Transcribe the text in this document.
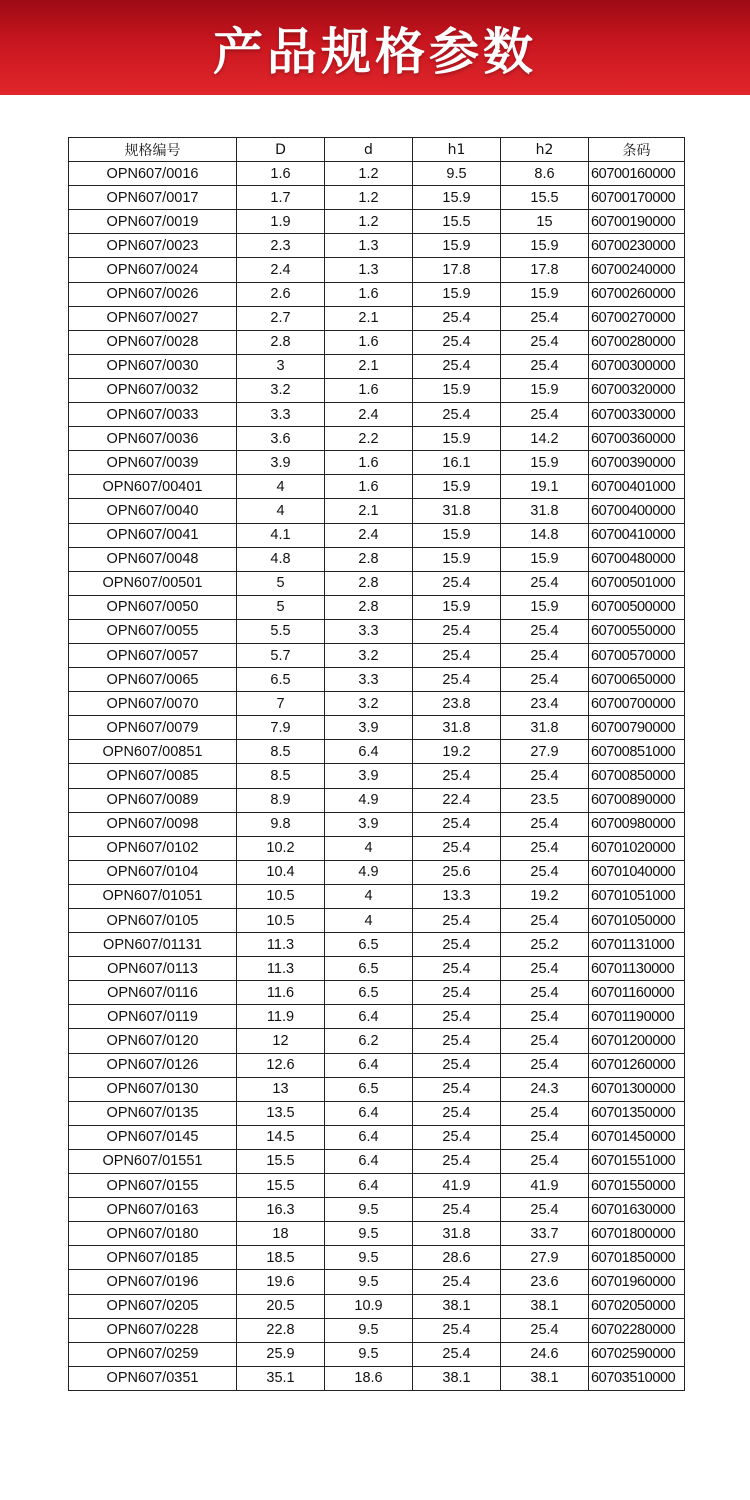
产品规格参数
规格编号	D	d	h1	h2	条码
OPN607/0016	1.6	1.2	9.5	8.6	60700160000
OPN607/0017	1.7	1.2	15.9	15.5	60700170000
OPN607/0019	1.9	1.2	15.5	15	60700190000
OPN607/0023	2.3	1.3	15.9	15.9	60700230000
OPN607/0024	2.4	1.3	17.8	17.8	60700240000
OPN607/0026	2.6	1.6	15.9	15.9	60700260000
OPN607/0027	2.7	2.1	25.4	25.4	60700270000
OPN607/0028	2.8	1.6	25.4	25.4	60700280000
OPN607/0030	3	2.1	25.4	25.4	60700300000
OPN607/0032	3.2	1.6	15.9	15.9	60700320000
OPN607/0033	3.3	2.4	25.4	25.4	60700330000
OPN607/0036	3.6	2.2	15.9	14.2	60700360000
OPN607/0039	3.9	1.6	16.1	15.9	60700390000
OPN607/00401	4	1.6	15.9	19.1	60700401000
OPN607/0040	4	2.1	31.8	31.8	60700400000
OPN607/0041	4.1	2.4	15.9	14.8	60700410000
OPN607/0048	4.8	2.8	15.9	15.9	60700480000
OPN607/00501	5	2.8	25.4	25.4	60700501000
OPN607/0050	5	2.8	15.9	15.9	60700500000
OPN607/0055	5.5	3.3	25.4	25.4	60700550000
OPN607/0057	5.7	3.2	25.4	25.4	60700570000
OPN607/0065	6.5	3.3	25.4	25.4	60700650000
OPN607/0070	7	3.2	23.8	23.4	60700700000
OPN607/0079	7.9	3.9	31.8	31.8	60700790000
OPN607/00851	8.5	6.4	19.2	27.9	60700851000
OPN607/0085	8.5	3.9	25.4	25.4	60700850000
OPN607/0089	8.9	4.9	22.4	23.5	60700890000
OPN607/0098	9.8	3.9	25.4	25.4	60700980000
OPN607/0102	10.2	4	25.4	25.4	60701020000
OPN607/0104	10.4	4.9	25.6	25.4	60701040000
OPN607/01051	10.5	4	13.3	19.2	60701051000
OPN607/0105	10.5	4	25.4	25.4	60701050000
OPN607/01131	11.3	6.5	25.4	25.2	60701131000
OPN607/0113	11.3	6.5	25.4	25.4	60701130000
OPN607/0116	11.6	6.5	25.4	25.4	60701160000
OPN607/0119	11.9	6.4	25.4	25.4	60701190000
OPN607/0120	12	6.2	25.4	25.4	60701200000
OPN607/0126	12.6	6.4	25.4	25.4	60701260000
OPN607/0130	13	6.5	25.4	24.3	60701300000
OPN607/0135	13.5	6.4	25.4	25.4	60701350000
OPN607/0145	14.5	6.4	25.4	25.4	60701450000
OPN607/01551	15.5	6.4	25.4	25.4	60701551000
OPN607/0155	15.5	6.4	41.9	41.9	60701550000
OPN607/0163	16.3	9.5	25.4	25.4	60701630000
OPN607/0180	18	9.5	31.8	33.7	60701800000
OPN607/0185	18.5	9.5	28.6	27.9	60701850000
OPN607/0196	19.6	9.5	25.4	23.6	60701960000
OPN607/0205	20.5	10.9	38.1	38.1	60702050000
OPN607/0228	22.8	9.5	25.4	25.4	60702280000
OPN607/0259	25.9	9.5	25.4	24.6	60702590000
OPN607/0351	35.1	18.6	38.1	38.1	60703510000
